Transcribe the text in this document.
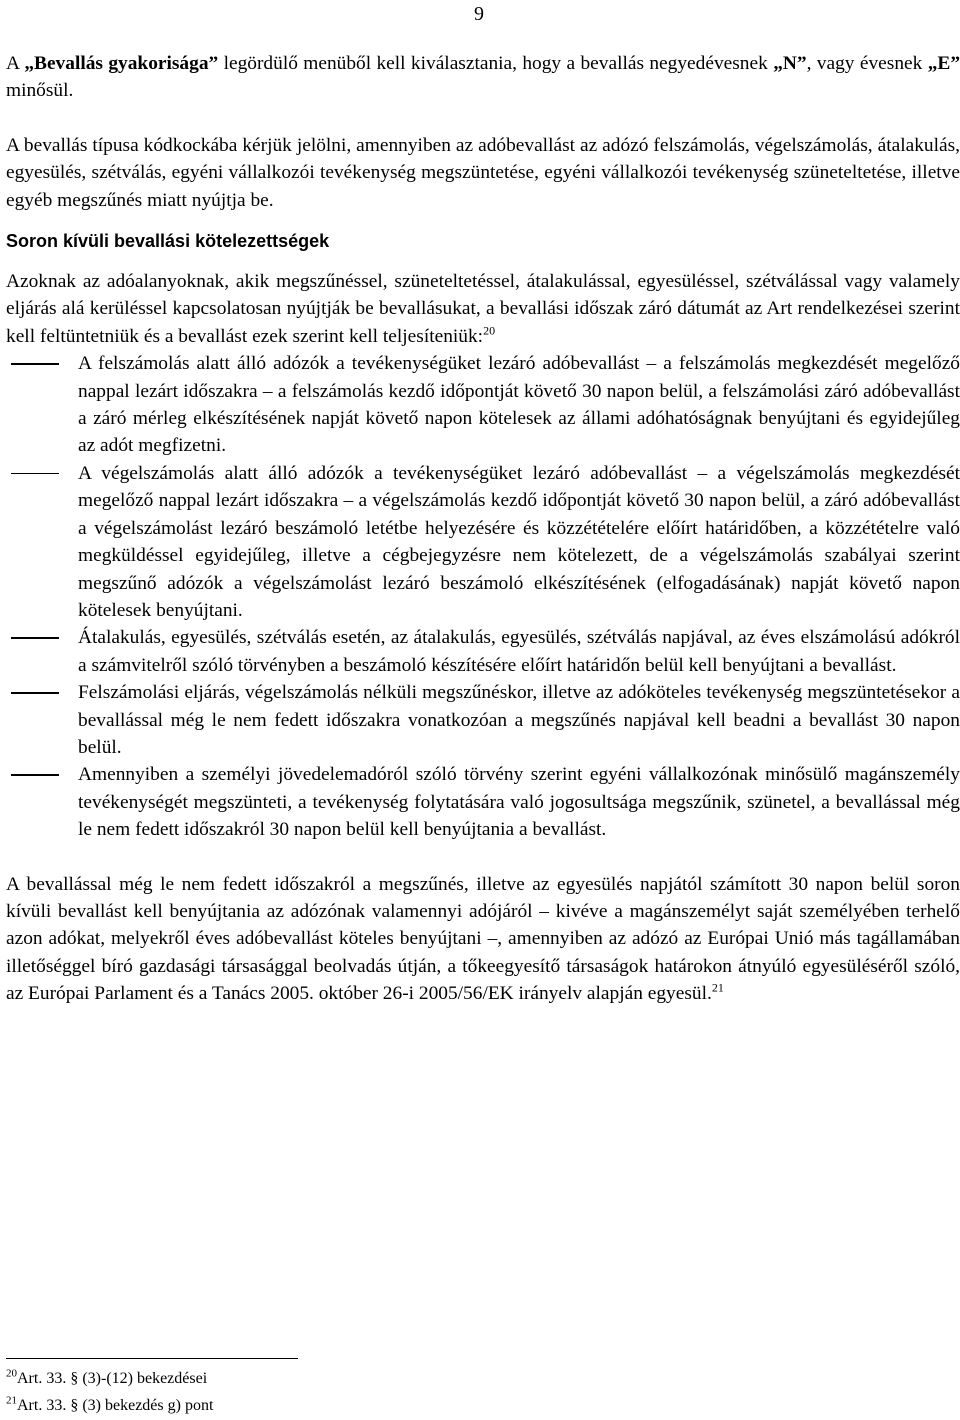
9

A „Bevallás gyakorisága” legördülő menüből kell kiválasztania, hogy a bevallás negyedévesnek „N”, vagy évesnek „E” minősül.

A bevallás típusa kódkockába kérjük jelölni, amennyiben az adóbevallást az adózó felszámolás, végelszámolás, átalakulás, egyesülés, szétválás, egyéni vállalkozói tevékenység megszüntetése, egyéni vállalkozói tevékenység szüneteltetése, illetve egyéb megszűnés miatt nyújtja be.

Soron kívüli bevallási kötelezettségek

Azoknak az adóalanyoknak, akik megszűnéssel, szüneteltetéssel, átalakulással, egyesüléssel, szétválással vagy valamely eljárás alá kerüléssel kapcsolatosan nyújtják be bevallásukat, a bevallási időszak záró dátumát az Art rendelkezései szerint kell feltüntetniük és a bevallást ezek szerint kell teljesíteniük:$^{20}$

A felszámolás alatt álló adózók a tevékenységüket lezáró adóbevallást – a felszámolás megkezdését megelőző nappal lezárt időszakra – a felszámolás kezdő időpontját követő 30 napon belül, a felszámolási záró adóbevallást a záró mérleg elkészítésének napját követő napon kötelesek az állami adóhatóságnak benyújtani és egyidejűleg az adót megfizetni.
A végelszámolás alatt álló adózók a tevékenységüket lezáró adóbevallást – a végelszámolás megkezdését megelőző nappal lezárt időszakra – a végelszámolás kezdő időpontját követő 30 napon belül, a záró adóbevallást a végelszámolást lezáró beszámoló letétbe helyezésére és közzétételére előírt határidőben, a közzétételre való megküldéssel egyidejűleg, illetve a cégbejegyzésre nem kötelezett, de a végelszámolás szabályai szerint megszűnő adózók a végelszámolást lezáró beszámoló elkészítésének (elfogadásának) napját követő napon kötelesek benyújtani.
Átalakulás, egyesülés, szétválás esetén, az átalakulás, egyesülés, szétválás napjával, az éves elszámolású adókról a számvitelről szóló törvényben a beszámoló készítésére előírt határidőn belül kell benyújtani a bevallást.
Felszámolási eljárás, végelszámolás nélküli megszűnéskor, illetve az adóköteles tevékenység megszüntetésekor a bevallással még le nem fedett időszakra vonatkozóan a megszűnés napjával kell beadni a bevallást 30 napon belül.
Amennyiben a személyi jövedelemadóról szóló törvény szerint egyéni vállalkozónak minősülő magánszemély tevékenységét megszünteti, a tevékenység folytatására való jogosultsága megszűnik, szünetel, a bevallással még le nem fedett időszakról 30 napon belül kell benyújtania a bevallást.

A bevallással még le nem fedett időszakról a megszűnés, illetve az egyesülés napjától számított 30 napon belül soron kívüli bevallást kell benyújtania az adózónak valamennyi adójáról – kivéve a magánszemélyt saját személyében terhelő azon adókat, melyekről éves adóbevallást köteles benyújtani –, amennyiben az adózó az Európai Unió más tagállamában illetőséggel bíró gazdasági társasággal beolvadás útján, a tőkeegyesítő társaságok határokon átnyúló egyesüléséről szóló, az Európai Parlament és a Tanács 2005. október 26-i 2005/56/EK irányelv alapján egyesül.$^{21}$

$^{20}$Art. 33. § (3)-(12) bekezdései
$^{21}$Art. 33. § (3) bekezdés g) pont
